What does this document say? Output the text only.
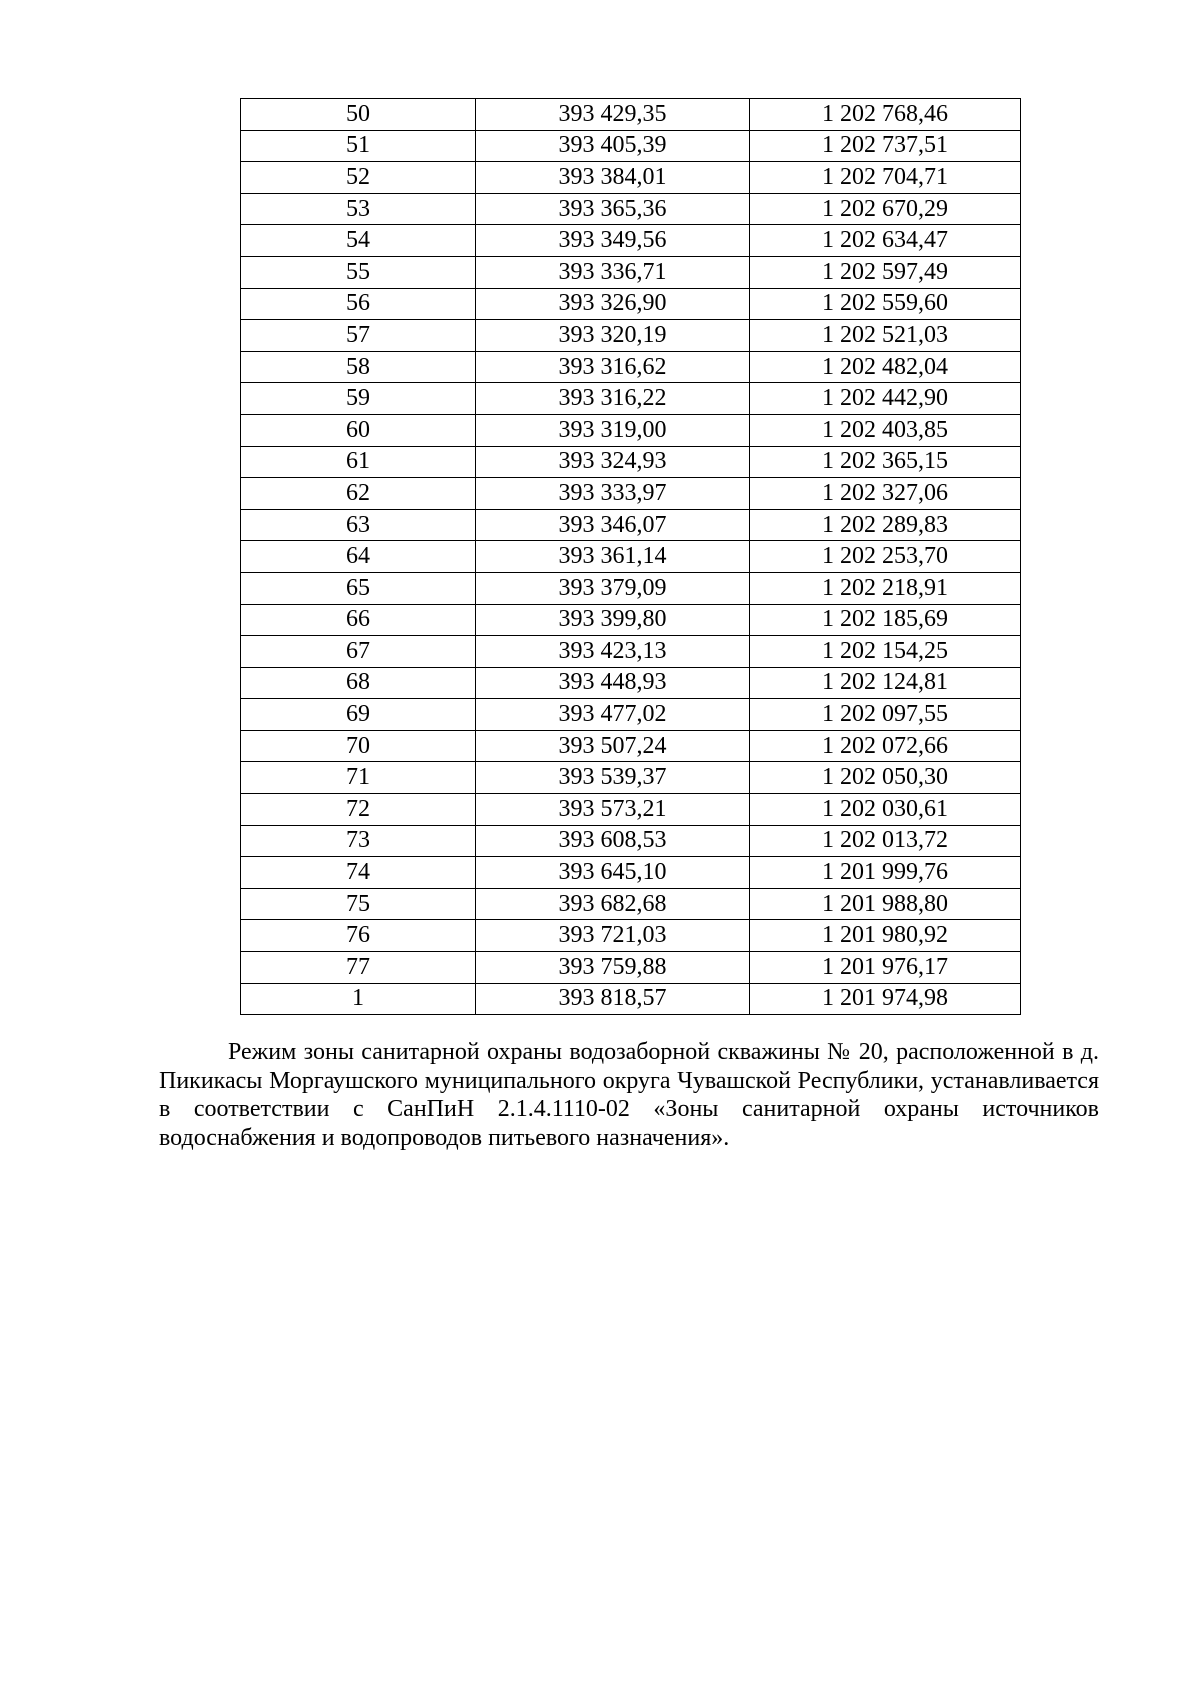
50	393 429,35	1 202 768,46
51	393 405,39	1 202 737,51
52	393 384,01	1 202 704,71
53	393 365,36	1 202 670,29
54	393 349,56	1 202 634,47
55	393 336,71	1 202 597,49
56	393 326,90	1 202 559,60
57	393 320,19	1 202 521,03
58	393 316,62	1 202 482,04
59	393 316,22	1 202 442,90
60	393 319,00	1 202 403,85
61	393 324,93	1 202 365,15
62	393 333,97	1 202 327,06
63	393 346,07	1 202 289,83
64	393 361,14	1 202 253,70
65	393 379,09	1 202 218,91
66	393 399,80	1 202 185,69
67	393 423,13	1 202 154,25
68	393 448,93	1 202 124,81
69	393 477,02	1 202 097,55
70	393 507,24	1 202 072,66
71	393 539,37	1 202 050,30
72	393 573,21	1 202 030,61
73	393 608,53	1 202 013,72
74	393 645,10	1 201 999,76
75	393 682,68	1 201 988,80
76	393 721,03	1 201 980,92
77	393 759,88	1 201 976,17
1	393 818,57	1 201 974,98

Режим зоны санитарной охраны водозаборной скважины № 20, расположенной в д. Пикикасы Моргаушского муниципального округа Чувашской Республики, устанавливается в соответствии с СанПиН 2.1.4.1110-02 «Зоны санитарной охраны источников водоснабжения и водопроводов питьевого назначения».
